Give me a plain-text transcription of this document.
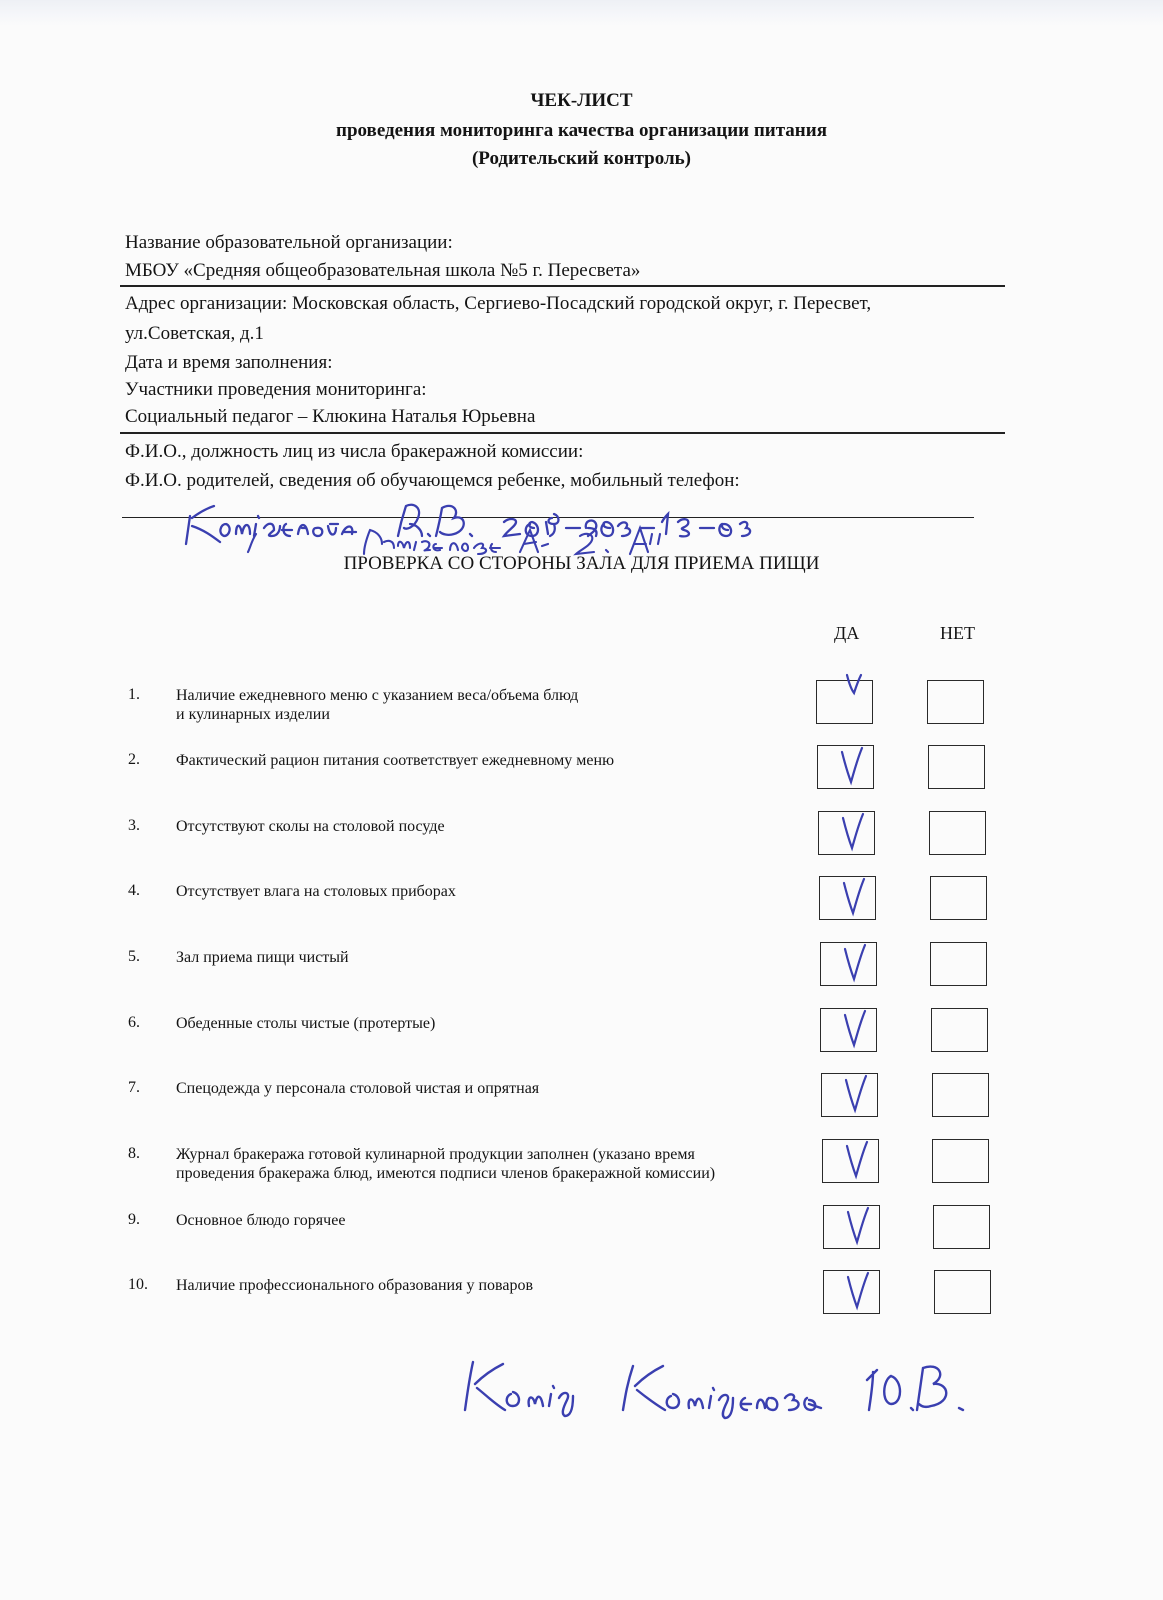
ЧЕК-ЛИСТ
проведения мониторинга качества организации питания
(Родительский контроль)
Название образовательной организации:
МБОУ «Средняя общеобразовательная школа №5 г. Пересвета»
Адрес организации: Московская область, Сергиево-Посадский городской округ, г. Пересвет,
ул.Советская, д.1
Дата и время заполнения:
Участники проведения мониторинга:
Социальный педагог – Клюкина Наталья Юрьевна
Ф.И.О., должность лиц из числа бракеражной комиссии:
Ф.И.О. родителей, сведения об обучающемся ребенке, мобильный телефон:
ПРОВЕРКА СО СТОРОНЫ ЗАЛА ДЛЯ ПРИЕМА ПИЩИ
ДА	НЕТ
1. Наличие ежедневного меню с указанием веса/объема блюд
и кулинарных изделии
2. Фактический рацион питания соответствует ежедневному меню
3. Отсутствуют сколы на столовой посуде
4. Отсутствует влага на столовых приборах
5. Зал приема пищи чистый
6. Обеденные столы чистые (протертые)
7. Спецодежда у персонала столовой чистая и опрятная
8. Журнал бракеража готовой кулинарной продукции заполнен (указано время
проведения бракеража блюд, имеются подписи членов бракеражной комиссии)
9. Основное блюдо горячее
10. Наличие профессионального образования у поваров
